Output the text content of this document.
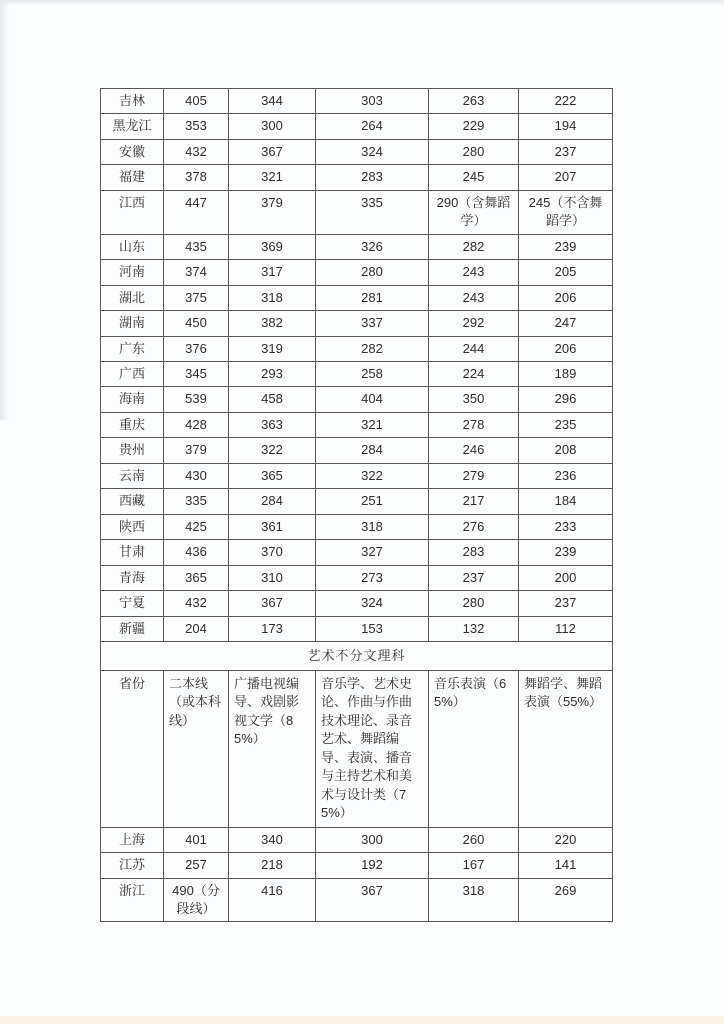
吉林	405	344	303	263	222
黑龙江	353	300	264	229	194
安徽	432	367	324	280	237
福建	378	321	283	245	207
江西	447	379	335	290（含舞蹈学）	245（不含舞蹈学）
山东	435	369	326	282	239
河南	374	317	280	243	205
湖北	375	318	281	243	206
湖南	450	382	337	292	247
广东	376	319	282	244	206
广西	345	293	258	224	189
海南	539	458	404	350	296
重庆	428	363	321	278	235
贵州	379	322	284	246	208
云南	430	365	322	279	236
西藏	335	284	251	217	184
陕西	425	361	318	276	233
甘肃	436	370	327	283	239
青海	365	310	273	237	200
宁夏	432	367	324	280	237
新疆	204	173	153	132	112
艺术不分文理科					
省份	二本线（或本科线）	广播电视编导、戏剧影视文学（85%）	音乐学、艺术史论、作曲与作曲技术理论、录音艺术、舞蹈编导、表演、播音与主持艺术和美术与设计类（75%）	音乐表演（65%）	舞蹈学、舞蹈表演（55%）
上海	401	340	300	260	220
江苏	257	218	192	167	141
浙江	490（分段线）	416	367	318	269
